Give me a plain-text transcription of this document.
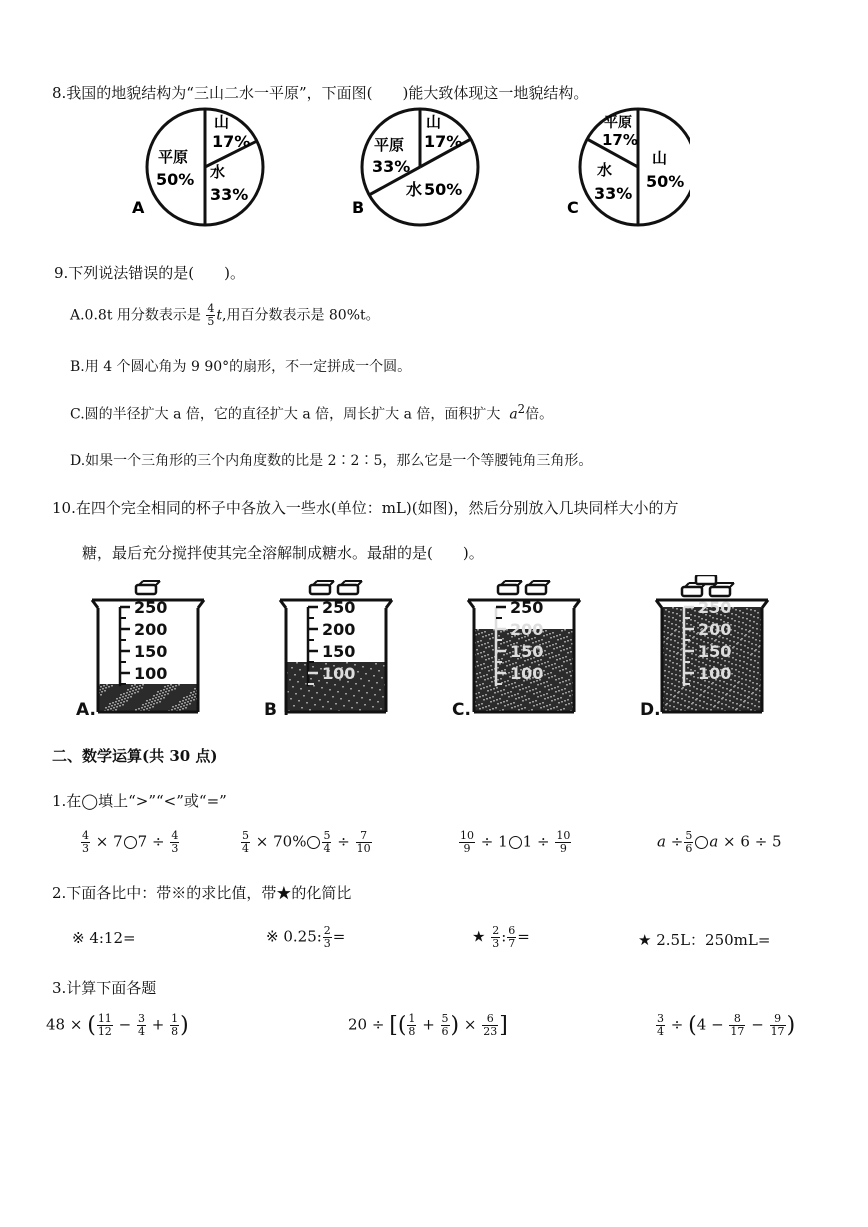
8.我国的地貌结构为“三山二水一平原”，下面图(　　)能大致体现这一地貌结构。
山
17%
水
33%
平原
50%
A
山
17%
水 50%
平原
33%
B
山
50%
水
33%
平原
17%
C
9.下列说法错误的是(　　)。
A.0.8t 用分数表示是 $\frac{4}{5} t$,用百分数表示是 80%t。
B.用 4 个圆心角为 9 90°的扇形，不一定拼成一个圆。
C.圆的半径扩大 a 倍，它的直径扩大 a 倍，周长扩大 a 倍，面积扩大 $a^2$倍。
D.如果一个三角形的三个内角度数的比是 2∶2∶5，那么它是一个等腰钝角三角形。
10.在四个完全相同的杯子中各放入一些水(单位：mL)(如图)，然后分别放入几块同样大小的方
糖，最后充分搅拌使其完全溶解制成糖水。最甜的是(　　)。
250
200
150
100
A.
250
200
150
100
B .
250
200
150
100
C.
250
200
150
100
D.
二、数学运算(共 30 点)
1.在◯填上“>”“<”或“=”
$\frac{4}{3} \times 7$ $7 \div \frac{4}{3}$	$\frac{5}{4} \times 70\% \frac{5}{4} \div \frac{7}{10}$	$\frac{10}{9} \div 1$ $1 \div \frac{10}{9}$	$a \div \frac{5}{6}$ a × 6 ÷ 5
2.下面各比中：带※的求比值，带★的化简比
※ 4:12=	※ 0.25: $\frac{2}{3}$ =	★ $\frac{2}{3}$ : $\frac{6}{7}$ =	★ 2.5L：250mL=
3.计算下面各题
48 × ( $\frac{11}{12} - \frac{3}{4} + \frac{1}{8}$ )	20 ÷ [( $\frac{1}{8} + \frac{5}{6}$ ) × $\frac{6}{23}$ ]	$\frac{3}{4} \div (4 - \frac{8}{17} - \frac{9}{17}$ )
